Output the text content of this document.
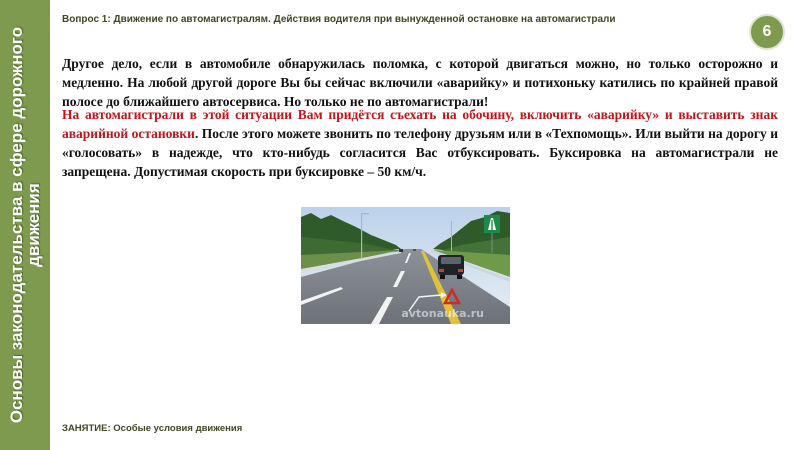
Основы законодательства в сфере дорожного движения
Вопрос 1: Движение по автомагистралям. Действия водителя при вынужденной остановке на автомагистрали
6

Другое дело, если в автомобиле обнаружилась поломка, с которой двигаться можно, но только осторожно и медленно. На любой другой дороге Вы бы сейчас включили «аварийку» и потихоньку катились по крайней правой полосе до ближайшего автосервиса. Но только не по автомагистрали!

На автомагистрали в этой ситуации Вам придётся съехать на обочину, включить «аварийку» и выставить знак аварийной остановки. После этого можете звонить по телефону друзьям или в «Техпомощь». Или выйти на дорогу и «голосовать» в надежде, что кто-нибудь согласится Вас отбуксировать. Буксировка на автомагистрали не запрещена. Допустимая скорость при буксировке – 50 км/ч.

avtonauka.ru
ЗАНЯТИЕ: Особые условия движения
